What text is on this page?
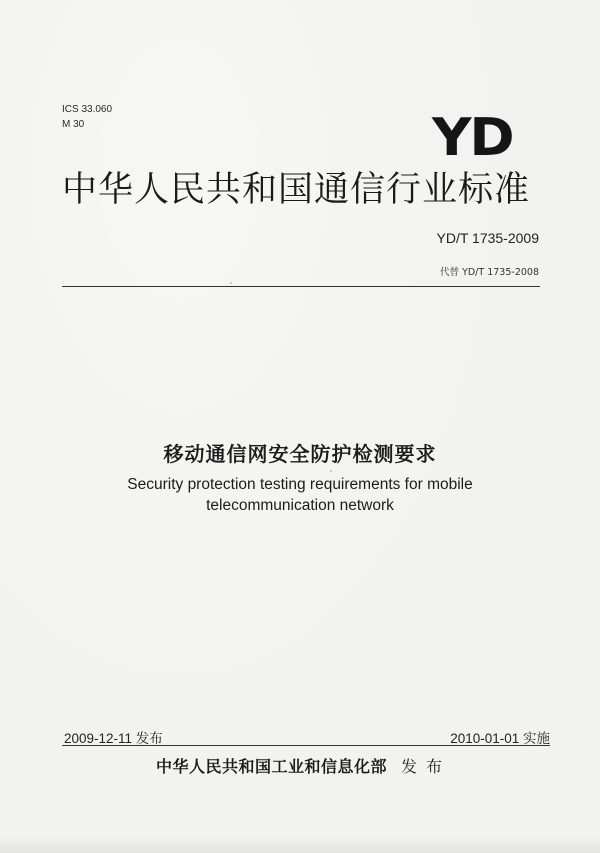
ICS 33.060
M 30	YD
中华人民共和国通信行业标准
YD/T 1735-2009
代替 YD/T 1735-2008
移动通信网安全防护检测要求
Security protection testing requirements for mobile
telecommunication network
2009-12-11 发布	2010-01-01 实施
中华人民共和国工业和信息化部 发 布
